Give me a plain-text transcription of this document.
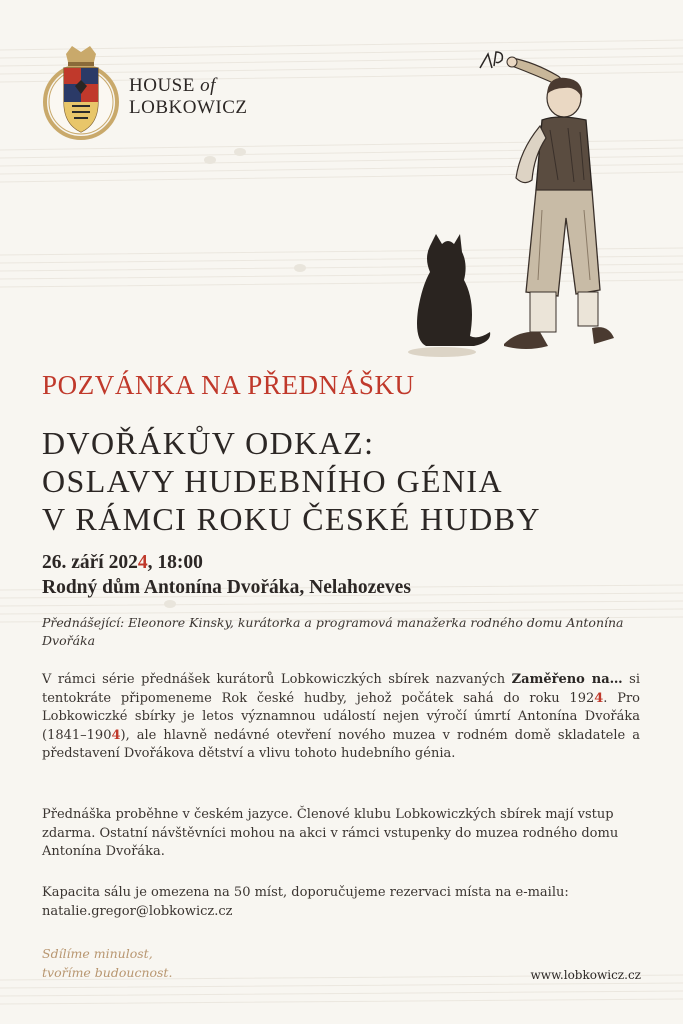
HOUSE of
LOBKOWICZ
POZVÁNKA NA PŘEDNÁŠKU
DVOŘÁKŮV ODKAZ:
OSLAVY HUDEBNÍHO GÉNIA
V RÁMCI ROKU ČESKÉ HUDBY
26. září 2024, 18:00
Rodný dům Antonína Dvořáka, Nelahozeves
Přednášející: Eleonore Kinsky, kurátorka a programová manažerka rodného domu Antonína Dvořáka

V rámci série přednášek kurátorů Lobkowiczkých sbírek nazvaných Zaměřeno na… si tentokráte připomeneme Rok české hudby, jehož počátek sahá do roku 1924. Pro Lobkowiczké sbírky je letos významnou událostí nejen výročí úmrtí Antonína Dvořáka (1841–1904), ale hlavně nedávné otevření nového muzea v rodném domě skladatele a představení Dvořákova dětství a vlivu tohoto hudebního génia.

Přednáška proběhne v českém jazyce. Členové klubu Lobkowiczkých sbírek mají vstup zdarma. Ostatní návštěvníci mohou na akci v rámci vstupenky do muzea rodného domu Antonína Dvořáka.

Kapacita sálu je omezena na 50 míst, doporučujeme rezervaci místa na e-mailu:
natalie.gregor@lobkowicz.cz

Sdílíme minulost,
tvoříme budoucnost.	www.lobkowicz.cz
